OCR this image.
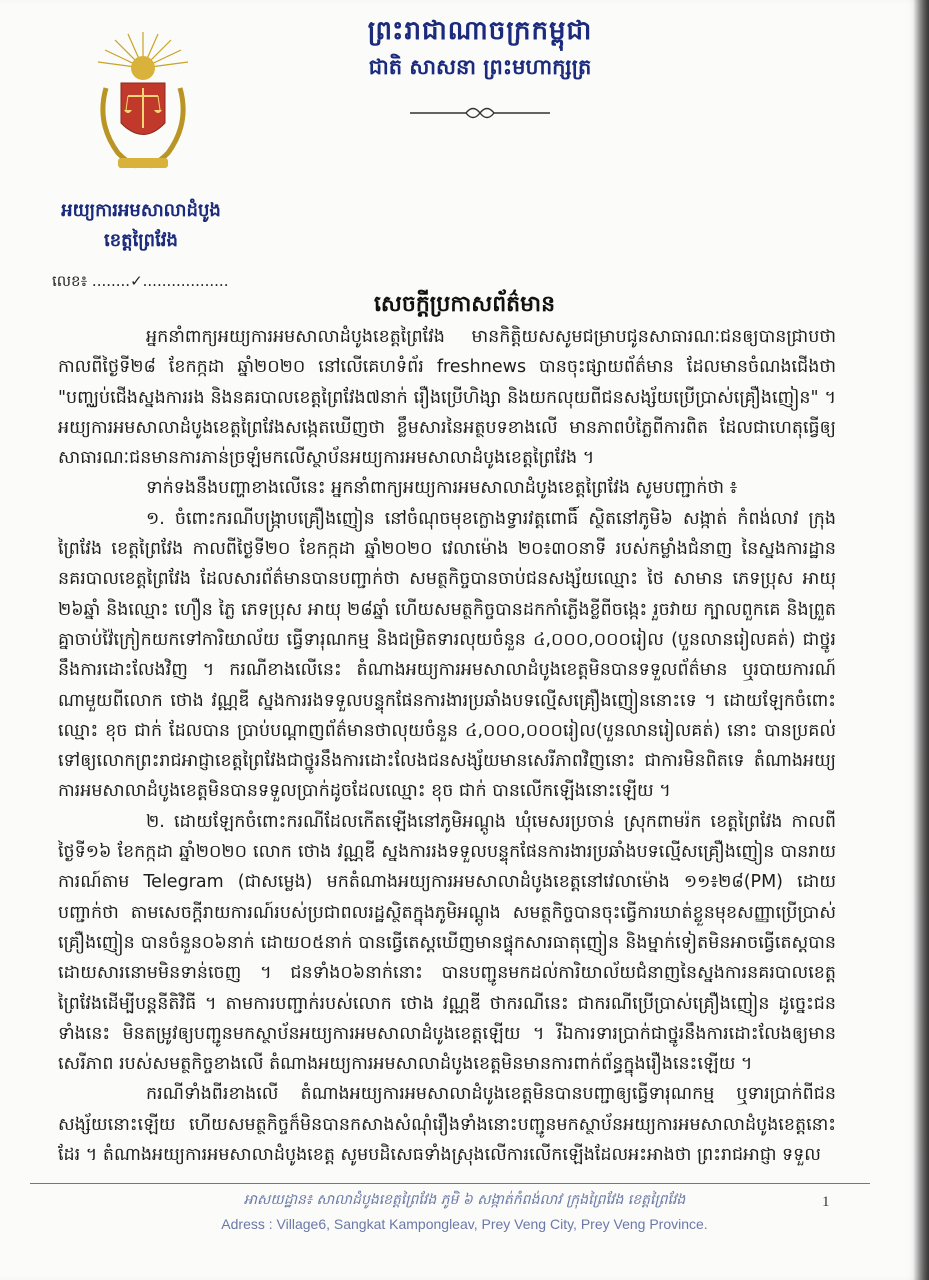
ព្រះរាជាណាចក្រកម្ពុជា
ជាតិ សាសនា ព្រះមហាក្សត្រ
អយ្យការអមសាលាដំបូង
ខេត្តព្រៃវែង
លេខ៖ ........✓..................
សេចក្តីប្រកាសព័ត៌មាន

អ្នកនាំពាក្យអយ្យការអមសាលាដំបូងខេត្តព្រៃវែង មានកិត្តិយសសូមជម្រាបជូនសាធារណៈជនឲ្យបានជ្រាបថា កាលពីថ្ងៃទី២៨ ខែកក្កដា ឆ្នាំ២០២០ នៅលើគេហទំព័រ freshnews បានចុះផ្សាយព័ត៌មាន ដែលមានចំណងជើងថា "បញ្ឈប់ជើងស្នងការរង និងនគរបាលខេត្តព្រៃវែង៧នាក់ រឿងប្រើហិង្សា និងយកលុយពីជនសង្ស័យប្រើប្រាស់គ្រឿងញៀន" ។ អយ្យការអមសាលាដំបូងខេត្តព្រៃវែងសង្កេតឃើញថា ខ្លឹមសារនៃអត្ថបទខាងលើ មានភាពបំភ្លៃពីការពិត ដែលជាហេតុធ្វើឲ្យសាធារណៈជនមានការភាន់ច្រឡំមកលើស្ថាប័នអយ្យការអមសាលាដំបូងខេត្តព្រៃវែង ។

ទាក់ទងនឹងបញ្ហាខាងលើនេះ អ្នកនាំពាក្យអយ្យការអមសាលាដំបូងខេត្តព្រៃវែង សូមបញ្ជាក់ថា ៖

១. ចំពោះករណីបង្ក្រាបគ្រឿងញៀន នៅចំណុចមុខក្លោងទ្វារវត្តពោធិ៍ ស្ថិតនៅភូមិ៦ សង្កាត់ កំពង់លាវ ក្រុងព្រៃវែង ខេត្តព្រៃវែង កាលពីថ្ងៃទី២០ ខែកក្កដា ឆ្នាំ២០២០ វេលាម៉ោង ២០៖៣០នាទី របស់កម្លាំងជំនាញ នៃស្នងការដ្ឋាននគរបាលខេត្តព្រៃវែង ដែលសារព័ត៌មានបានបញ្ជាក់ថា សមត្ថកិច្ចបានចាប់ជនសង្ស័យឈ្មោះ ថៃ សាមាន ភេទប្រុស អាយុ ២៦ឆ្នាំ និងឈ្មោះ ហឿន ភ្លៃ ភេទប្រុស អាយុ ២៨ឆ្នាំ ហើយសមត្ថកិច្ចបានដកកាំភ្លើងខ្លីពីចង្កេះ រួចវាយ ក្បាលពួកគេ និងព្រួតគ្នាចាប់វ៉ៃក្រៀកយកទៅការិយាល័យ ធ្វើទារុណកម្ម និងជម្រិតទារលុយចំនួន ៤,០០០,០០០រៀល (បួនលានរៀលគត់) ជាថ្នូរនឹងការដោះលែងវិញ ។ ករណីខាងលើនេះ តំណាងអយ្យការអមសាលាដំបូងខេត្តមិនបានទទួលព័ត៌មាន ឬរបាយការណ៍ណាមួយពីលោក ថោង វណ្ណឌី ស្នងការរងទទួលបន្ទុកផែនការងារប្រឆាំងបទល្មើសគ្រឿងញៀននោះទេ ។ ដោយឡែកចំពោះឈ្មោះ ខុច ជាក់ ដែលបាន ប្រាប់បណ្តាញព័ត៌មានថាលុយចំនួន ៤,០០០,០០០រៀល(បួនលានរៀលគត់) នោះ បានប្រគល់ទៅឲ្យលោកព្រះរាជអាជ្ញាខេត្តព្រៃវែងជាថ្នូរនឹងការដោះលែងជនសង្ស័យមានសេរីភាពវិញនោះ ជាការមិនពិតទេ តំណាងអយ្យការអមសាលាដំបូងខេត្តមិនបានទទួលប្រាក់ដូចដែលឈ្មោះ ខុច ជាក់ បានលើកឡើងនោះឡើយ ។

២. ដោយឡែកចំពោះករណីដែលកើតឡើងនៅភូមិអណ្តូង ឃុំមេសរប្រចាន់ ស្រុកពាមរ៉ក ខេត្តព្រៃវែង កាលពី ថ្ងៃទី១៦ ខែកក្កដា ឆ្នាំ២០២០ លោក ថោង វណ្ណឌី ស្នងការរងទទួលបន្ទុកផែនការងារប្រឆាំងបទល្មើសគ្រឿងញៀន បានរាយការណ៍តាម Telegram (ជាសម្លេង) មកតំណាងអយ្យការអមសាលាដំបូងខេត្តនៅវេលាម៉ោង ១១៖២៨(PM) ដោយបញ្ជាក់ថា តាមសេចក្តីរាយការណ៍របស់ប្រជាពលរដ្ឋស្ថិតក្នុងភូមិអណ្តូង សមត្ថកិច្ចបានចុះធ្វើការឃាត់ខ្លួនមុខសញ្ញាប្រើប្រាស់គ្រឿងញៀន បានចំនួន០៦នាក់ ដោយ០៥នាក់ បានធ្វើតេស្តឃើញមានផ្ទុកសារធាតុញៀន និងម្នាក់ទៀតមិនអាចធ្វើតេស្តបានដោយសារនោមមិនទាន់ចេញ ។ ជនទាំង០៦នាក់នោះ បានបញ្ជូនមកដល់ការិយាល័យជំនាញនៃស្នងការនគរបាលខេត្តព្រៃវែងដើម្បីបន្តនីតិវិធី ។ តាមការបញ្ជាក់របស់លោក ថោង វណ្ណឌី ថាករណីនេះ ជាករណីប្រើប្រាស់គ្រឿងញៀន ដូច្នេះជនទាំងនេះ មិនតម្រូវឲ្យបញ្ជូនមកស្ថាប័នអយ្យការអមសាលាដំបូងខេត្តឡើយ ។ រីឯការទារប្រាក់ជាថ្នូរនឹងការដោះលែងឲ្យមានសេរីភាព របស់សមត្ថកិច្ចខាងលើ តំណាងអយ្យការអមសាលាដំបូងខេត្តមិនមានការពាក់ព័ន្ធក្នុងរឿងនេះឡើយ ។

ករណីទាំងពីរខាងលើ តំណាងអយ្យការអមសាលាដំបូងខេត្តមិនបានបញ្ជាឲ្យធ្វើទារុណកម្ម ឬទារប្រាក់ពីជនសង្ស័យនោះឡើយ ហើយសមត្ថកិច្ចក៏មិនបានកសាងសំណុំរឿងទាំងនោះបញ្ជូនមកស្ថាប័នអយ្យការអមសាលាដំបូងខេត្តនោះដែរ ។ តំណាងអយ្យការអមសាលាដំបូងខេត្ត សូមបដិសេធទាំងស្រុងលើការលើកឡើងដែលអះអាងថា ព្រះរាជអាជ្ញា ទទួល

អាសយដ្ឋាន៖ សាលាដំបូងខេត្តព្រៃវែង ភូមិ ៦ សង្កាត់កំពង់លាវ ក្រុងព្រៃវែង ខេត្តព្រៃវែង
Adress : Village6, Sangkat Kampongleav, Prey Veng City, Prey Veng Province.
1
